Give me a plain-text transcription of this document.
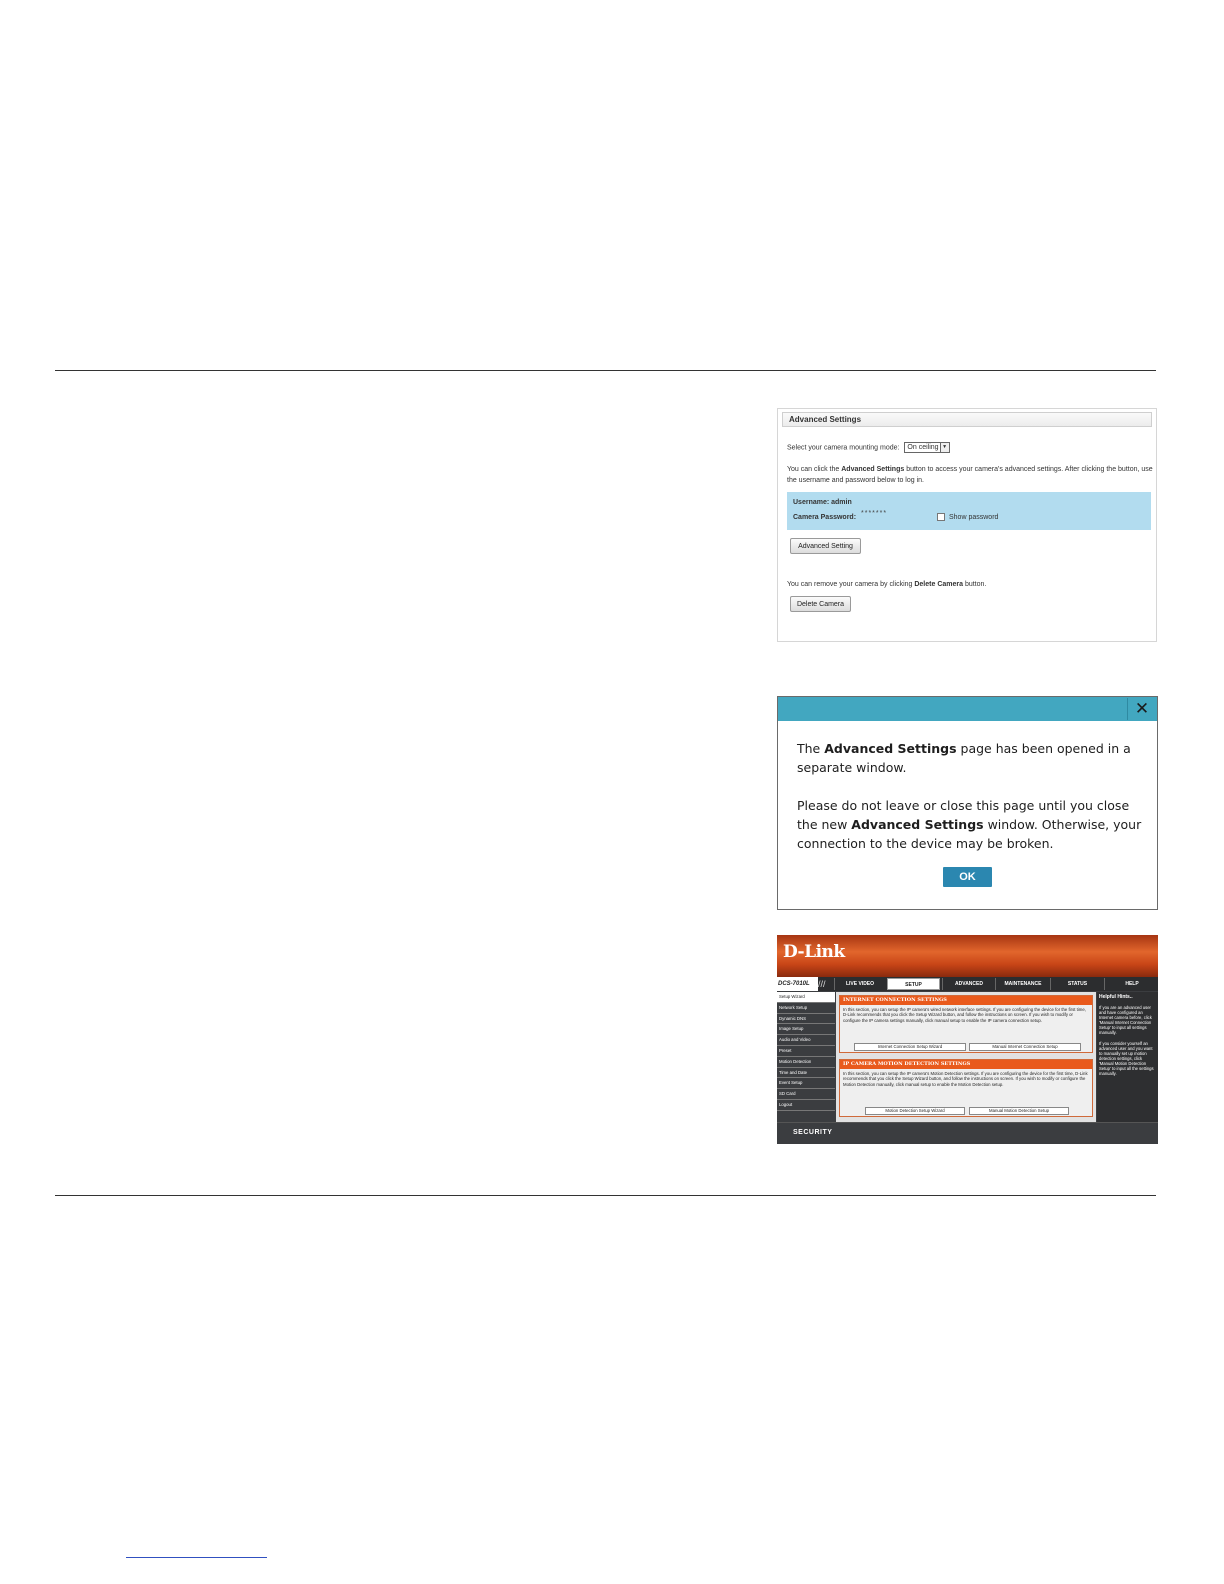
Advanced Settings
Select your camera mounting mode: On ceiling ▼
You can click the Advanced Settings button to access your camera's advanced settings. After clicking the button, use the username and password below to log in.
Username: admin
Camera Password:
*******
Show password
Advanced Setting
You can remove your camera by clicking Delete Camera button.
Delete Camera
✕

The Advanced Settings page has been opened in a separate window.

Please do not leave or close this page until you close the new Advanced Settings window. Otherwise, your connection to the device may be broken.

OK
D-Link
DCS-7010L ///	LIVE VIDEO	SETUP	ADVANCED	MAINTENANCE	STATUS	HELP
Setup Wizard
Network Setup
Dynamic DNS
Image Setup
Audio and Video
Preset
Motion Detection
Time and Date
Event Setup
SD Card
Logout
INTERNET CONNECTION SETTINGS
In this section, you can setup the IP camera's wired network interface settings. If you are configuring the device for the first time, D-Link recommends that you click the Setup Wizard button, and follow the instructions on screen. If you wish to modify or configure the IP camera settings manually, click manual setup to enable the IP camera connection setup.
Internet Connection Setup Wizard	Manual Internet Connection Setup
IP CAMERA MOTION DETECTION SETTINGS
In this section, you can setup the IP camera's Motion Detection settings. If you are configuring the device for the first time, D-Link recommends that you click the Setup Wizard button, and follow the instructions on screen. If you wish to modify or configure the Motion Detection manually, click manual setup to enable the Motion Detection setup.
Motion Detection Setup Wizard	Manual Motion Detection Setup
Helpful Hints..
If you are an advanced user and have configured an Internet camera before, click 'Manual Internet Connection Setup' to input all settings manually.
If you consider yourself an advanced user and you want to manually set up motion detection settings, click 'Manual Motion Detection Setup' to input all the settings manually.
SECURITY
